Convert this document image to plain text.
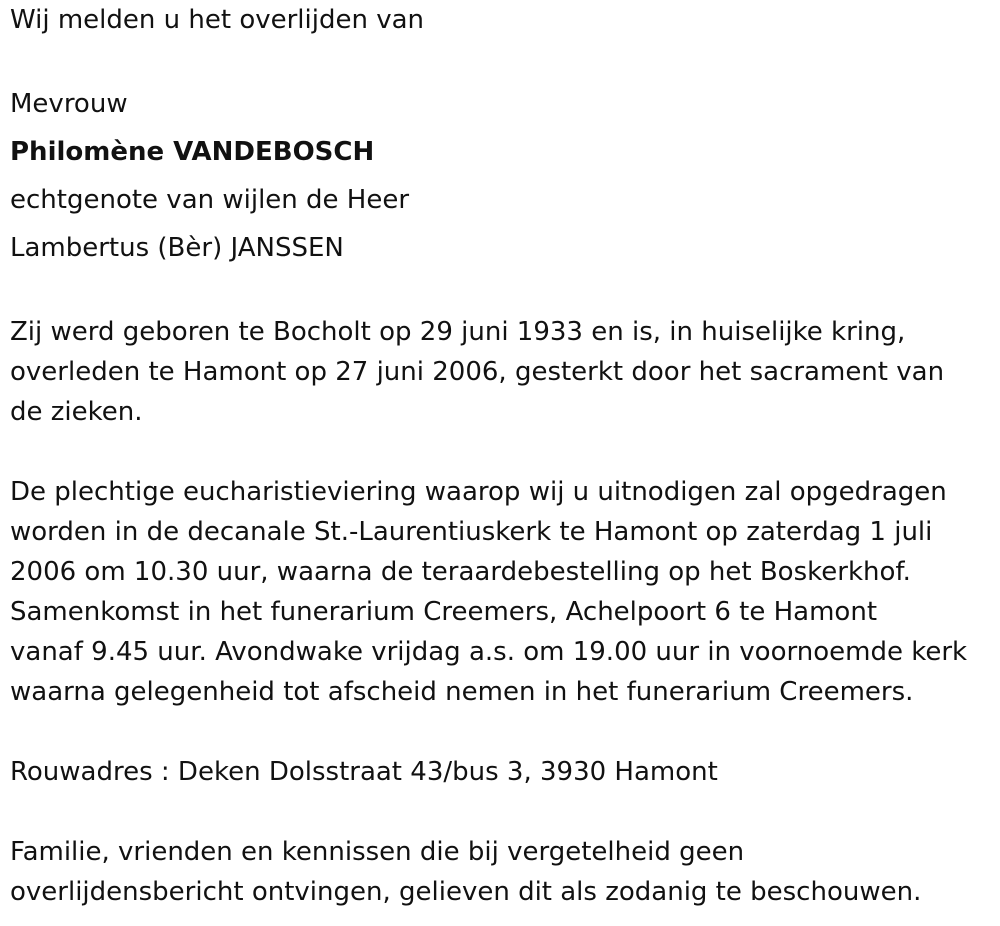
Wij melden u het overlijden van
Mevrouw
Philomène VANDEBOSCH
echtgenote van wijlen de Heer
Lambertus (Bèr) JANSSEN
Zij werd geboren te Bocholt op 29 juni 1933 en is, in huiselijke kring,
overleden te Hamont op 27 juni 2006, gesterkt door het sacrament van
de zieken.
De plechtige eucharistieviering waarop wij u uitnodigen zal opgedragen
worden in de decanale St.-Laurentiuskerk te Hamont op zaterdag 1 juli
2006 om 10.30 uur, waarna de teraardebestelling op het Boskerkhof.
Samenkomst in het funerarium Creemers, Achelpoort 6 te Hamont
vanaf 9.45 uur. Avondwake vrijdag a.s. om 19.00 uur in voornoemde kerk
waarna gelegenheid tot afscheid nemen in het funerarium Creemers.
Rouwadres : Deken Dolsstraat 43/bus 3, 3930 Hamont
Familie, vrienden en kennissen die bij vergetelheid geen
overlijdensbericht ontvingen, gelieven dit als zodanig te beschouwen.
